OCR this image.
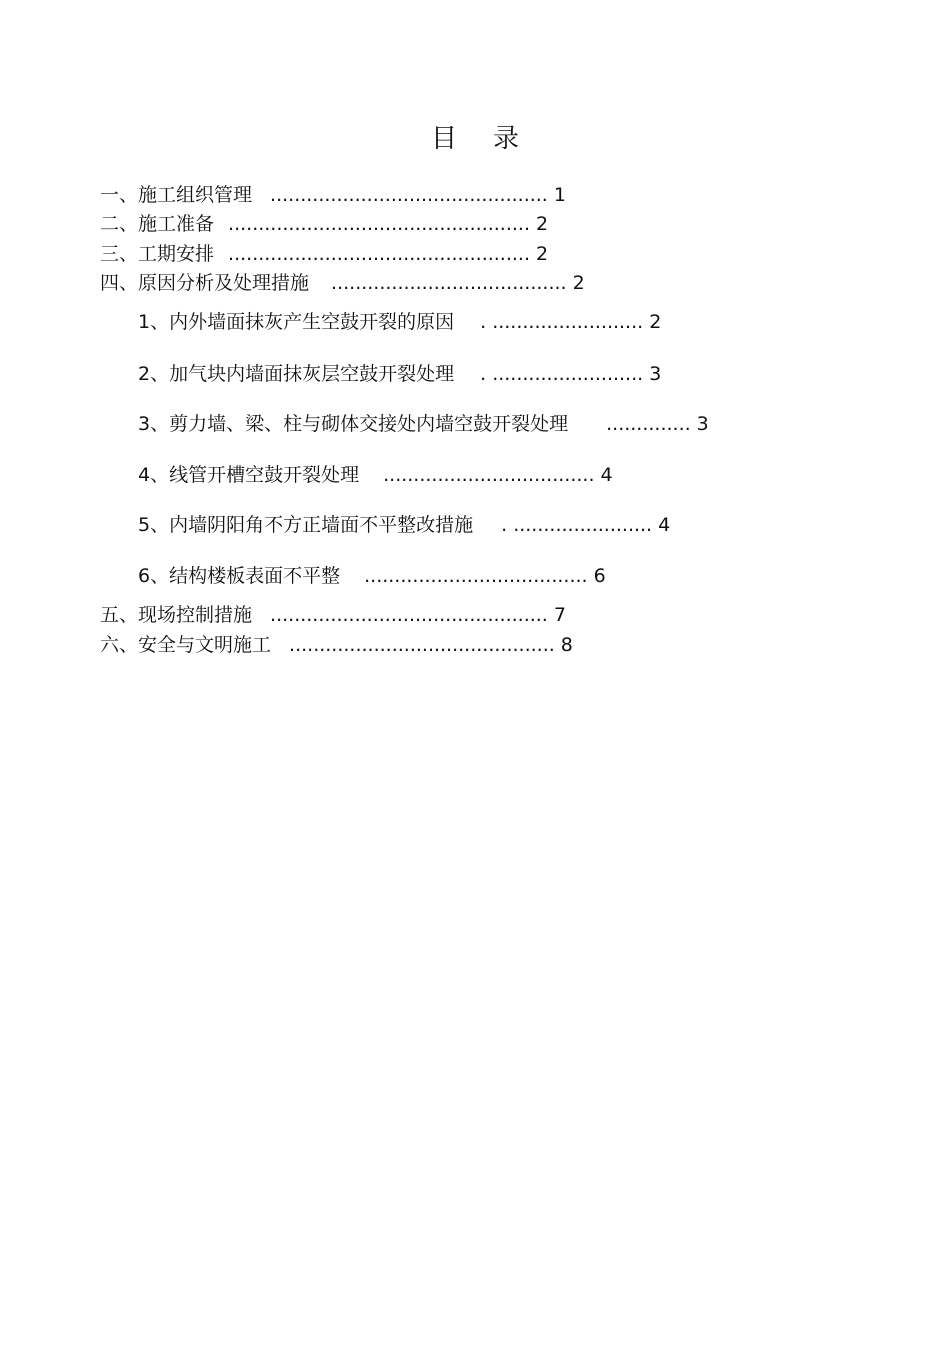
目 录
一、施工组织管理 .............................................. 1
二、施工准备 .................................................. 2
三、工期安排 .................................................. 2
四、原因分析及处理措施 ....................................... 2
1、内外墙面抹灰产生空鼓开裂的原因 . ......................... 2
2、加气块内墙面抹灰层空鼓开裂处理 . ......................... 3
3、剪力墙、梁、柱与砌体交接处内墙空鼓开裂处理 .............. 3
4、线管开槽空鼓开裂处理 ................................... 4
5、内墙阴阳角不方正墙面不平整改措施 . ....................... 4
6、结构楼板表面不平整 ..................................... 6
五、现场控制措施 .............................................. 7
六、安全与文明施工 ............................................ 8
